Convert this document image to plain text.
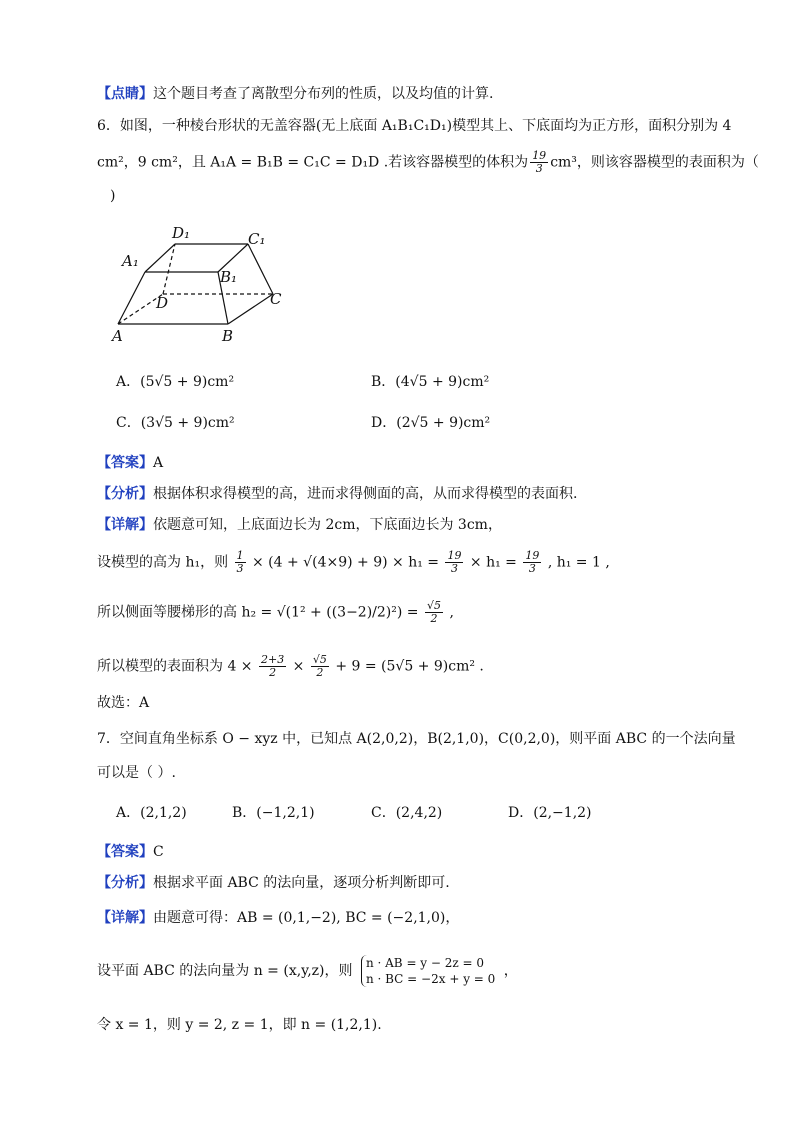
【点睛】这个题目考查了离散型分布列的性质，以及均值的计算.
6．如图，一种棱台形状的无盖容器(无上底面 A₁B₁C₁D₁)模型其上、下底面均为正方形，面积分别为 4
cm²，9 cm²，且 A₁A = B₁B = C₁C = D₁D .若该容器模型的体积为 $\frac{19}{3} cm^3$，则该容器模型的表面积为（
)
D₁	C₁
A₁
B₁
D	C
A	B
A．(5√5 + 9)cm²	B．(4√5 + 9)cm²
C．(3√5 + 9)cm²	D．(2√5 + 9)cm²
【答案】A
【分析】根据体积求得模型的高，进而求得侧面的高，从而求得模型的表面积.
【详解】依题意可知，上底面边长为 2cm，下底面边长为 3cm，
设模型的高为 h₁，则 $\frac{1}{3} \times (4 + √(4\times 9) + 9) \times h_1 = \frac{19}{3} \times h_1 = \frac{19}{3}$ , h₁ = 1 ,
所以侧面等腰梯形的高 $h_2 = √(1^2 + ((3-2)/2)^2) = \frac{√5}{2}$ ,
所以模型的表面积为 $4 \times \frac{2+3}{2} \times \frac{√5}{2} + 9 = (5√5 + 9)cm^2$ .
故选：A
7．空间直角坐标系 O − xyz 中，已知点 A(2,0,2)，B(2,1,0)，C(0,2,0)，则平面 ABC 的一个法向量
可以是（ ）.
A．(2,1,2)	B．(−1,2,1)	C．(2,4,2)	D．(2,−1,2)
【答案】C
【分析】根据求平面 ABC 的法向量，逐项分析判断即可.
【详解】由题意可得：AB = (0,1,−2), BC = (−2,1,0)，
设平面 ABC 的法向量为 n = (x,y,z)，则 n · AB = y − 2z = 0
n · BC = −2x + y = 0 ，
令 x = 1，则 y = 2, z = 1，即 n = (1,2,1).
